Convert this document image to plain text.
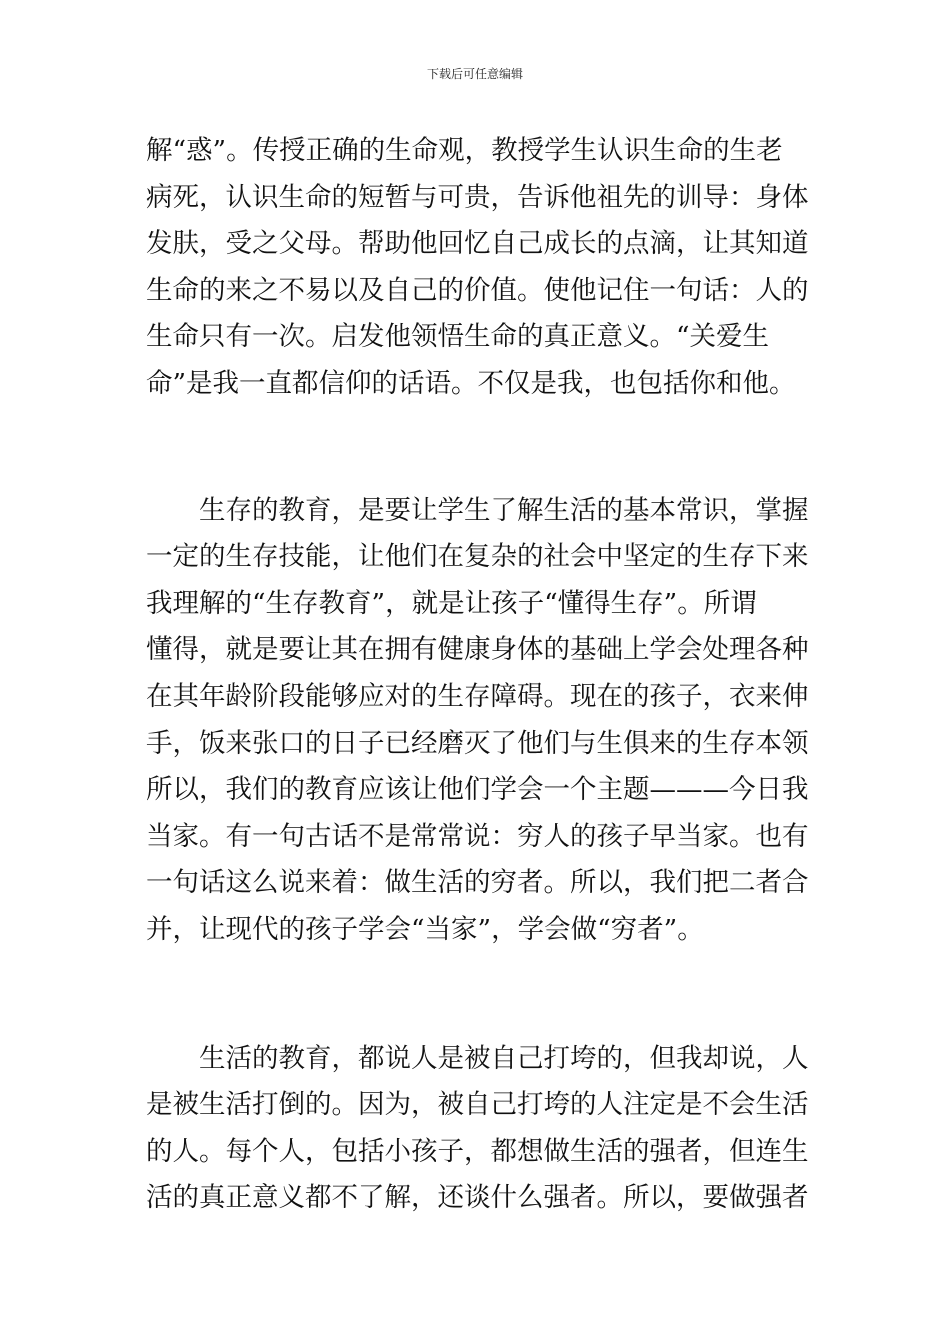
下载后可任意编辑
解“惑”。传授正确的生命观，教授学生认识生命的生老
病死，认识生命的短暂与可贵，告诉他祖先的训导：身体
发肤，受之父母。帮助他回忆自己成长的点滴，让其知道
生命的来之不易以及自己的价值。使他记住一句话：人的
生命只有一次。启发他领悟生命的真正意义。“关爱生
命”是我一直都信仰的话语。不仅是我，也包括你和他。
　　生存的教育，是要让学生了解生活的基本常识，掌握
一定的生存技能，让他们在复杂的社会中坚定的生存下来
我理解的“生存教育”，就是让孩子“懂得生存”。所谓
懂得，就是要让其在拥有健康身体的基础上学会处理各种
在其年龄阶段能够应对的生存障碍。现在的孩子，衣来伸
手，饭来张口的日子已经磨灭了他们与生俱来的生存本领
所以，我们的教育应该让他们学会一个主题———今日我
当家。有一句古话不是常常说：穷人的孩子早当家。也有
一句话这么说来着：做生活的穷者。所以，我们把二者合
并，让现代的孩子学会“当家”，学会做“穷者”。
　　生活的教育，都说人是被自己打垮的，但我却说，人
是被生活打倒的。因为，被自己打垮的人注定是不会生活
的人。每个人，包括小孩子，都想做生活的强者，但连生
活的真正意义都不了解，还谈什么强者。所以，要做强者
